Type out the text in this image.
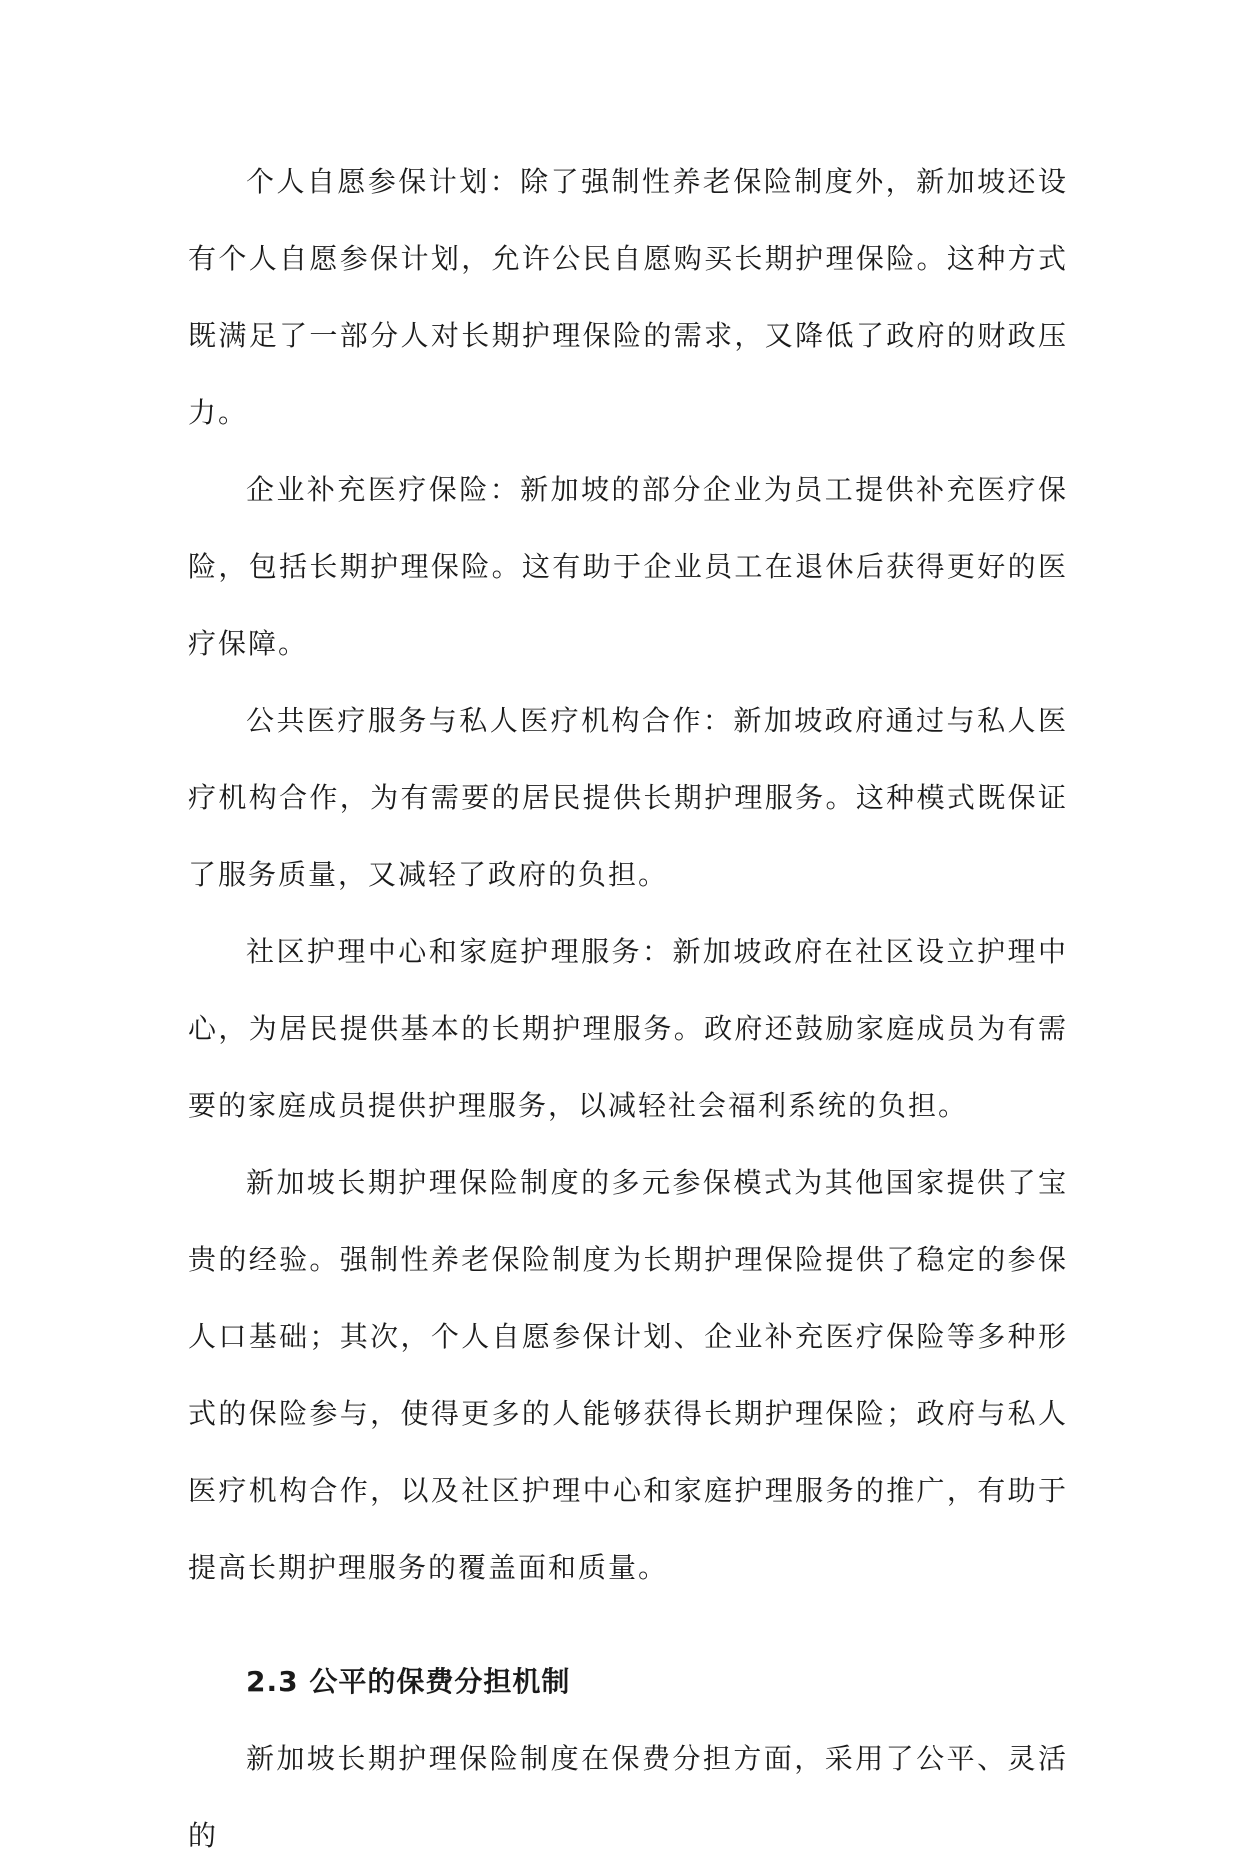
个人自愿参保计划：除了强制性养老保险制度外，新加坡还设有个人自愿参保计划，允许公民自愿购买长期护理保险。这种方式既满足了一部分人对长期护理保险的需求，又降低了政府的财政压力。

企业补充医疗保险：新加坡的部分企业为员工提供补充医疗保险，包括长期护理保险。这有助于企业员工在退休后获得更好的医疗保障。

公共医疗服务与私人医疗机构合作：新加坡政府通过与私人医疗机构合作，为有需要的居民提供长期护理服务。这种模式既保证了服务质量，又减轻了政府的负担。

社区护理中心和家庭护理服务：新加坡政府在社区设立护理中心，为居民提供基本的长期护理服务。政府还鼓励家庭成员为有需要的家庭成员提供护理服务，以减轻社会福利系统的负担。

新加坡长期护理保险制度的多元参保模式为其他国家提供了宝贵的经验。强制性养老保险制度为长期护理保险提供了稳定的参保人口基础；其次，个人自愿参保计划、企业补充医疗保险等多种形式的保险参与，使得更多的人能够获得长期护理保险；政府与私人医疗机构合作，以及社区护理中心和家庭护理服务的推广，有助于提高长期护理服务的覆盖面和质量。

2.3 公平的保费分担机制

新加坡长期护理保险制度在保费分担方面，采用了公平、灵活的
